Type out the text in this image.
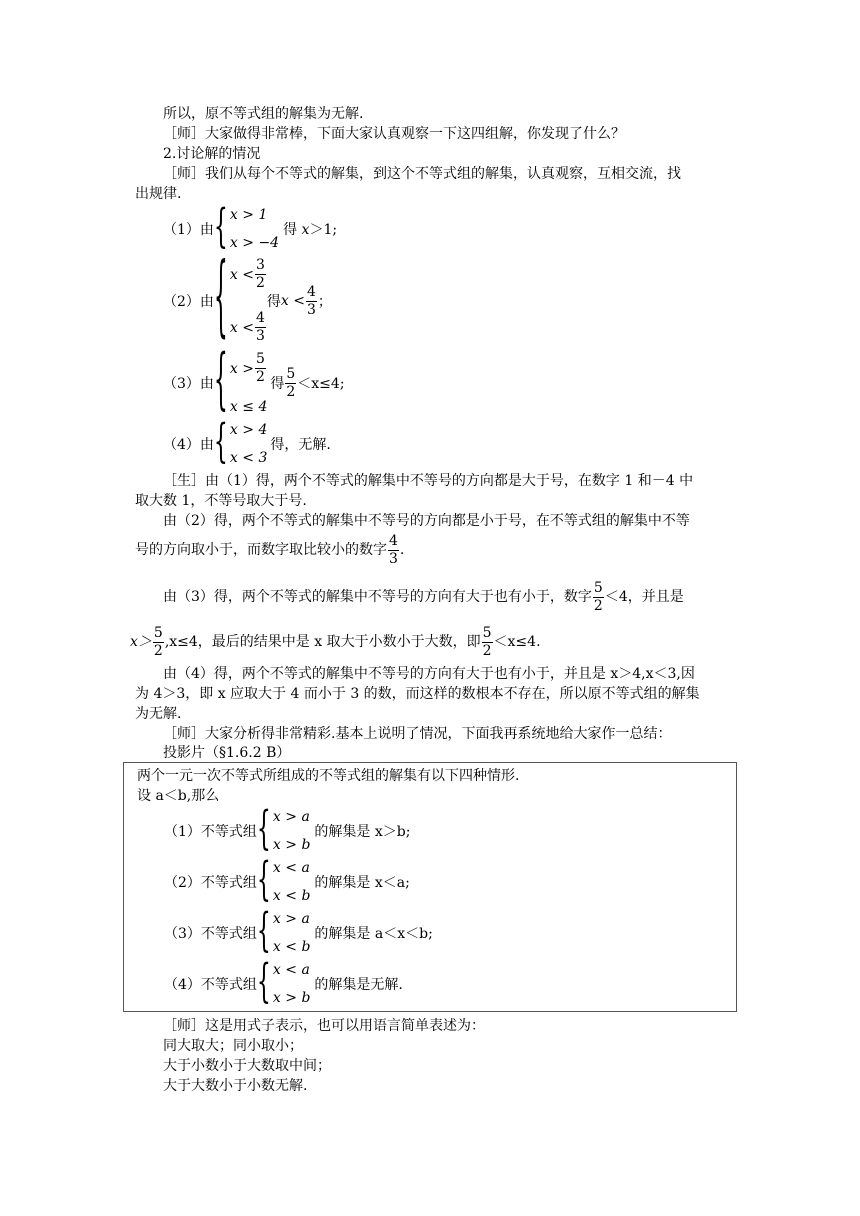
所以，原不等式组的解集为无解.
［师］大家做得非常棒，下面大家认真观察一下这四组解，你发现了什么？
2.讨论解的情况
［师］我们从每个不等式的解集，到这个不等式组的解集，认真观察，互相交流，找
出规律.
（1）由 { x > 1
x > −4
得 x＞1;
（2）由 { $x < \frac{3}{2}$
$x < \frac{4}{3}$
得 $x < \frac{4}{3}$ ；
（3）由 { $x > \frac{5}{2}$
x ≤ 4
得 $\frac{5}{2} <x\le 4$;
（4）由 { x > 4
x < 3
得，无解.
［生］由（1）得，两个不等式的解集中不等号的方向都是大于号，在数字 1 和－4 中
取大数 1，不等号取大于号.
由（2）得，两个不等式的解集中不等号的方向都是小于号，在不等式组的解集中不等
号的方向取小于，而数字取比较小的数字 $\frac{4}{3}$ .
由（3）得，两个不等式的解集中不等号的方向有大于也有小于，数字 $\frac{5}{2} <4$，并且是
$x> \frac{5}{2} ,x\le 4$，最后的结果中是 x 取大于小数小于大数，即 $\frac{5}{2} <x\le 4$.
由（4）得，两个不等式的解集中不等号的方向有大于也有小于，并且是 x＞4,x＜3,因
为 4＞3，即 x 应取大于 4 而小于 3 的数，而这样的数根本不存在，所以原不等式组的解集
为无解.
［师］大家分析得非常精彩.基本上说明了情况，下面我再系统地给大家作一总结：
投影片（§1.6.2 B）
两个一元一次不等式所组成的不等式组的解集有以下四种情形.
设 a＜b,那么
（1）不等式组 { x > a
x > b
的解集是 x＞b;
（2）不等式组 { x < a
x < b
的解集是 x＜a;
（3）不等式组 { x > a
x < b
的解集是 a＜x＜b;
（4）不等式组 { x < a
x > b
的解集是无解.
［师］这是用式子表示，也可以用语言简单表述为：
同大取大；同小取小；
大于小数小于大数取中间；
大于大数小于小数无解.
